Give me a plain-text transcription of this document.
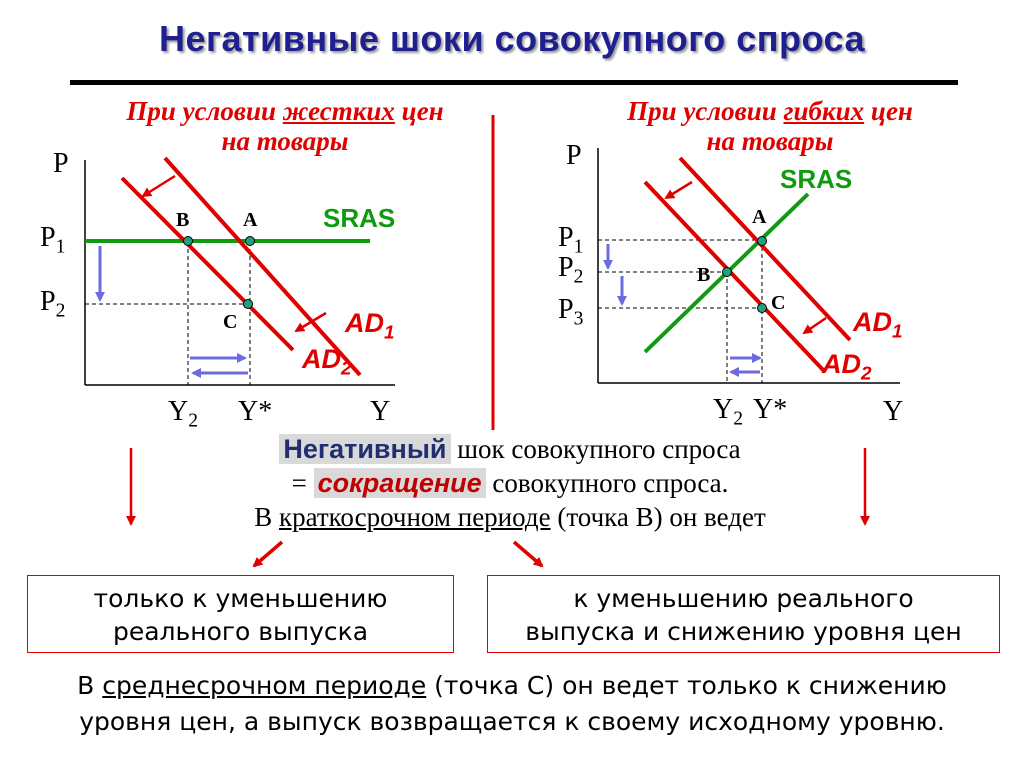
Негативные шоки совокупного спроса
При условии жестких цен
на товары
При условии гибких цен
на товары
P
Y
$P_1$
$P_2$
$Y_2$ Y*
B	A
C
SRAS
$AD_1$
$AD_2$
P
Y
$P_1$
$P_2$
$P_3$
$Y_2$ Y*
A
B
C
SRAS
$AD_1$
$AD_2$
Негативный шок совокупного спроса
= сокращение совокупного спроса.
В краткосрочном периоде (точка В) он ведет
только к уменьшению
реального выпуска
к уменьшению реального
выпуска и снижению уровня цен
В среднесрочном периоде (точка С) он ведет только к снижению
уровня цен, а выпуск возвращается к своему исходному уровню.
